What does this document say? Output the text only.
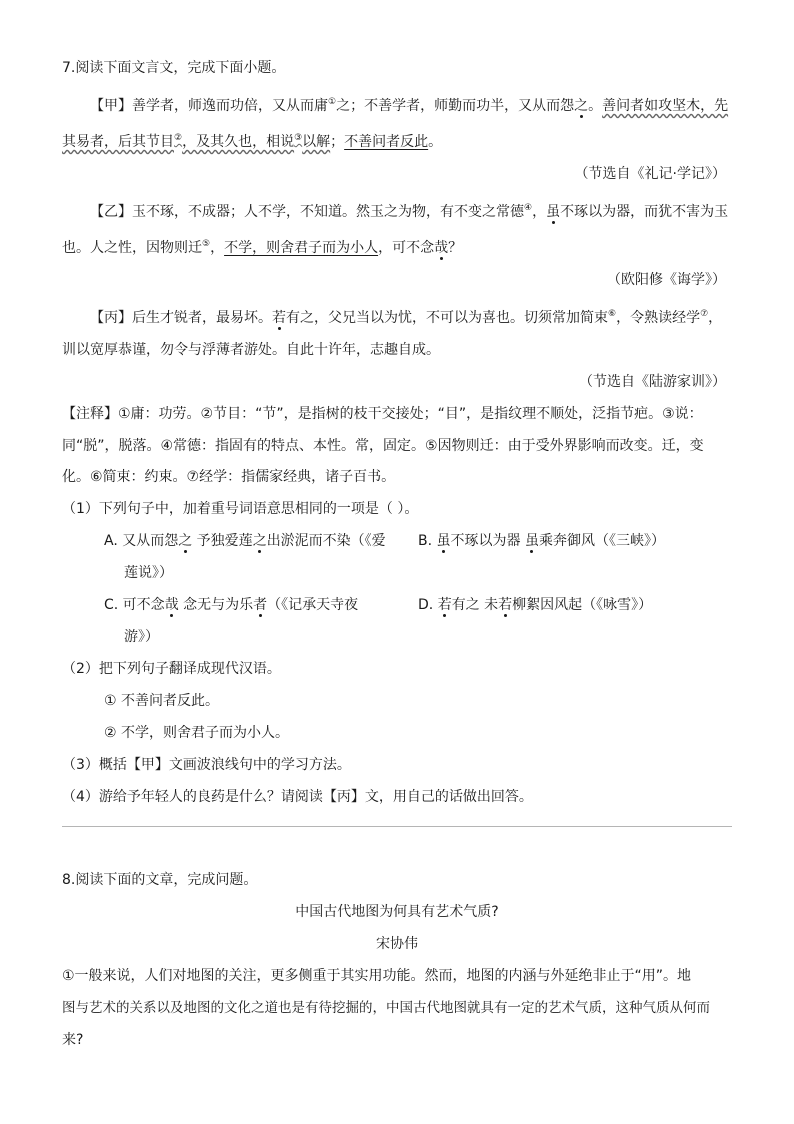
7.阅读下面文言文，完成下面小题。
【甲】善学者，师逸而功倍，又从而庸①之；不善学者，师勤而功半，又从而怨之。善问者如攻坚木，先
其易者，后其节目②，及其久也，相说③以解；不善问者反此。
（节选自《礼记·学记》）
【乙】玉不琢，不成器；人不学，不知道。然玉之为物，有不变之常德④，虽不琢以为器，而犹不害为玉
也。人之性，因物则迁⑤，不学，则舍君子而为小人，可不念哉？
（欧阳修《诲学》）
【丙】后生才锐者，最易坏。若有之，父兄当以为忧，不可以为喜也。切须常加简束⑥，令熟读经学⑦，
训以宽厚恭谨，勿令与浮薄者游处。自此十许年，志趣自成。
（节选自《陆游家训》）
【注释】①庸：功劳。②节目：“节”，是指树的枝干交接处；“目”，是指纹理不顺处，泛指节疤。③说：
同“脱”，脱落。④常德：指固有的特点、本性。常，固定。⑤因物则迁：由于受外界影响而改变。迁，变
化。⑥简束：约束。⑦经学：指儒家经典，诸子百书。
（1）下列句子中，加着重号词语意思相同的一项是（ ）。
A. 又从而怨之 予独爱莲之出淤泥而不染（《爱
莲说》）
B. 虽不琢以为器 虽乘奔御风（《三峡》）
C. 可不念哉 念无与为乐者（《记承天寺夜
游》）
D. 若有之 未若柳絮因风起（《咏雪》）
（2）把下列句子翻译成现代汉语。
① 不善问者反此。
② 不学，则舍君子而为小人。
（3）概括【甲】文画波浪线句中的学习方法。
（4）游给予年轻人的良药是什么？请阅读【丙】文，用自己的话做出回答。
8.阅读下面的文章，完成问题。
中国古代地图为何具有艺术气质?
宋协伟
①一般来说，人们对地图的关注，更多侧重于其实用功能。然而，地图的内涵与外延绝非止于“用”。地
图与艺术的关系以及地图的文化之道也是有待挖掘的，中国古代地图就具有一定的艺术气质，这种气质从何而
来?
